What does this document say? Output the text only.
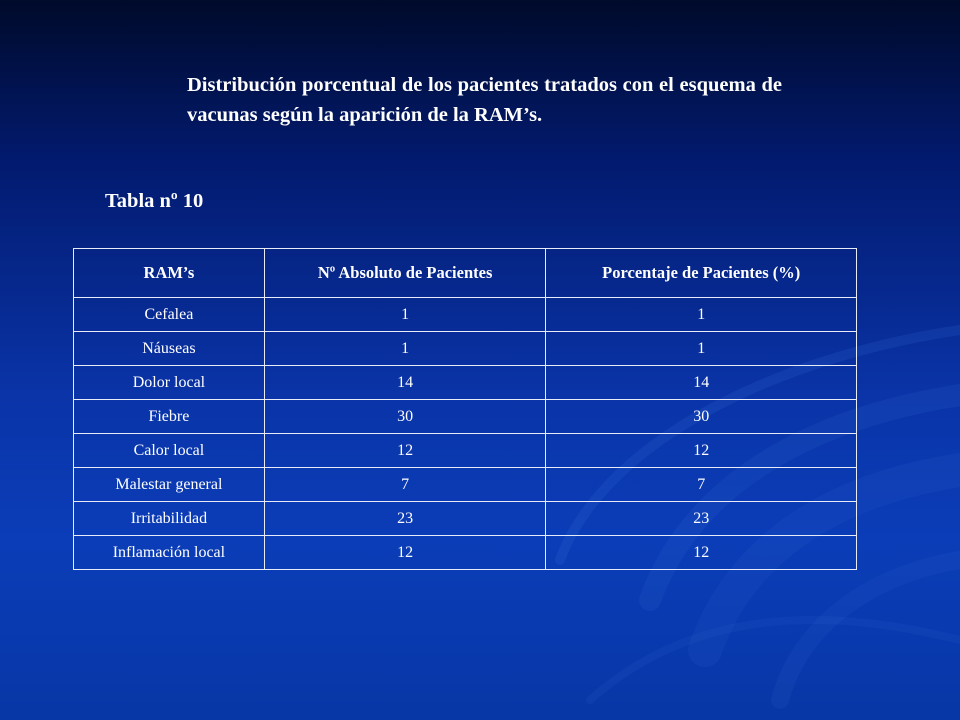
Distribución porcentual de los pacientes tratados con el esquema de vacunas según la aparición de la RAM’s.

Tabla nº 10

RAM’s	Nº Absoluto de Pacientes	Porcentaje de Pacientes (%)
Cefalea	1	1
Náuseas	1	1
Dolor local	14	14
Fiebre	30	30
Calor local	12	12
Malestar general	7	7
Irritabilidad	23	23
Inflamación local	12	12
